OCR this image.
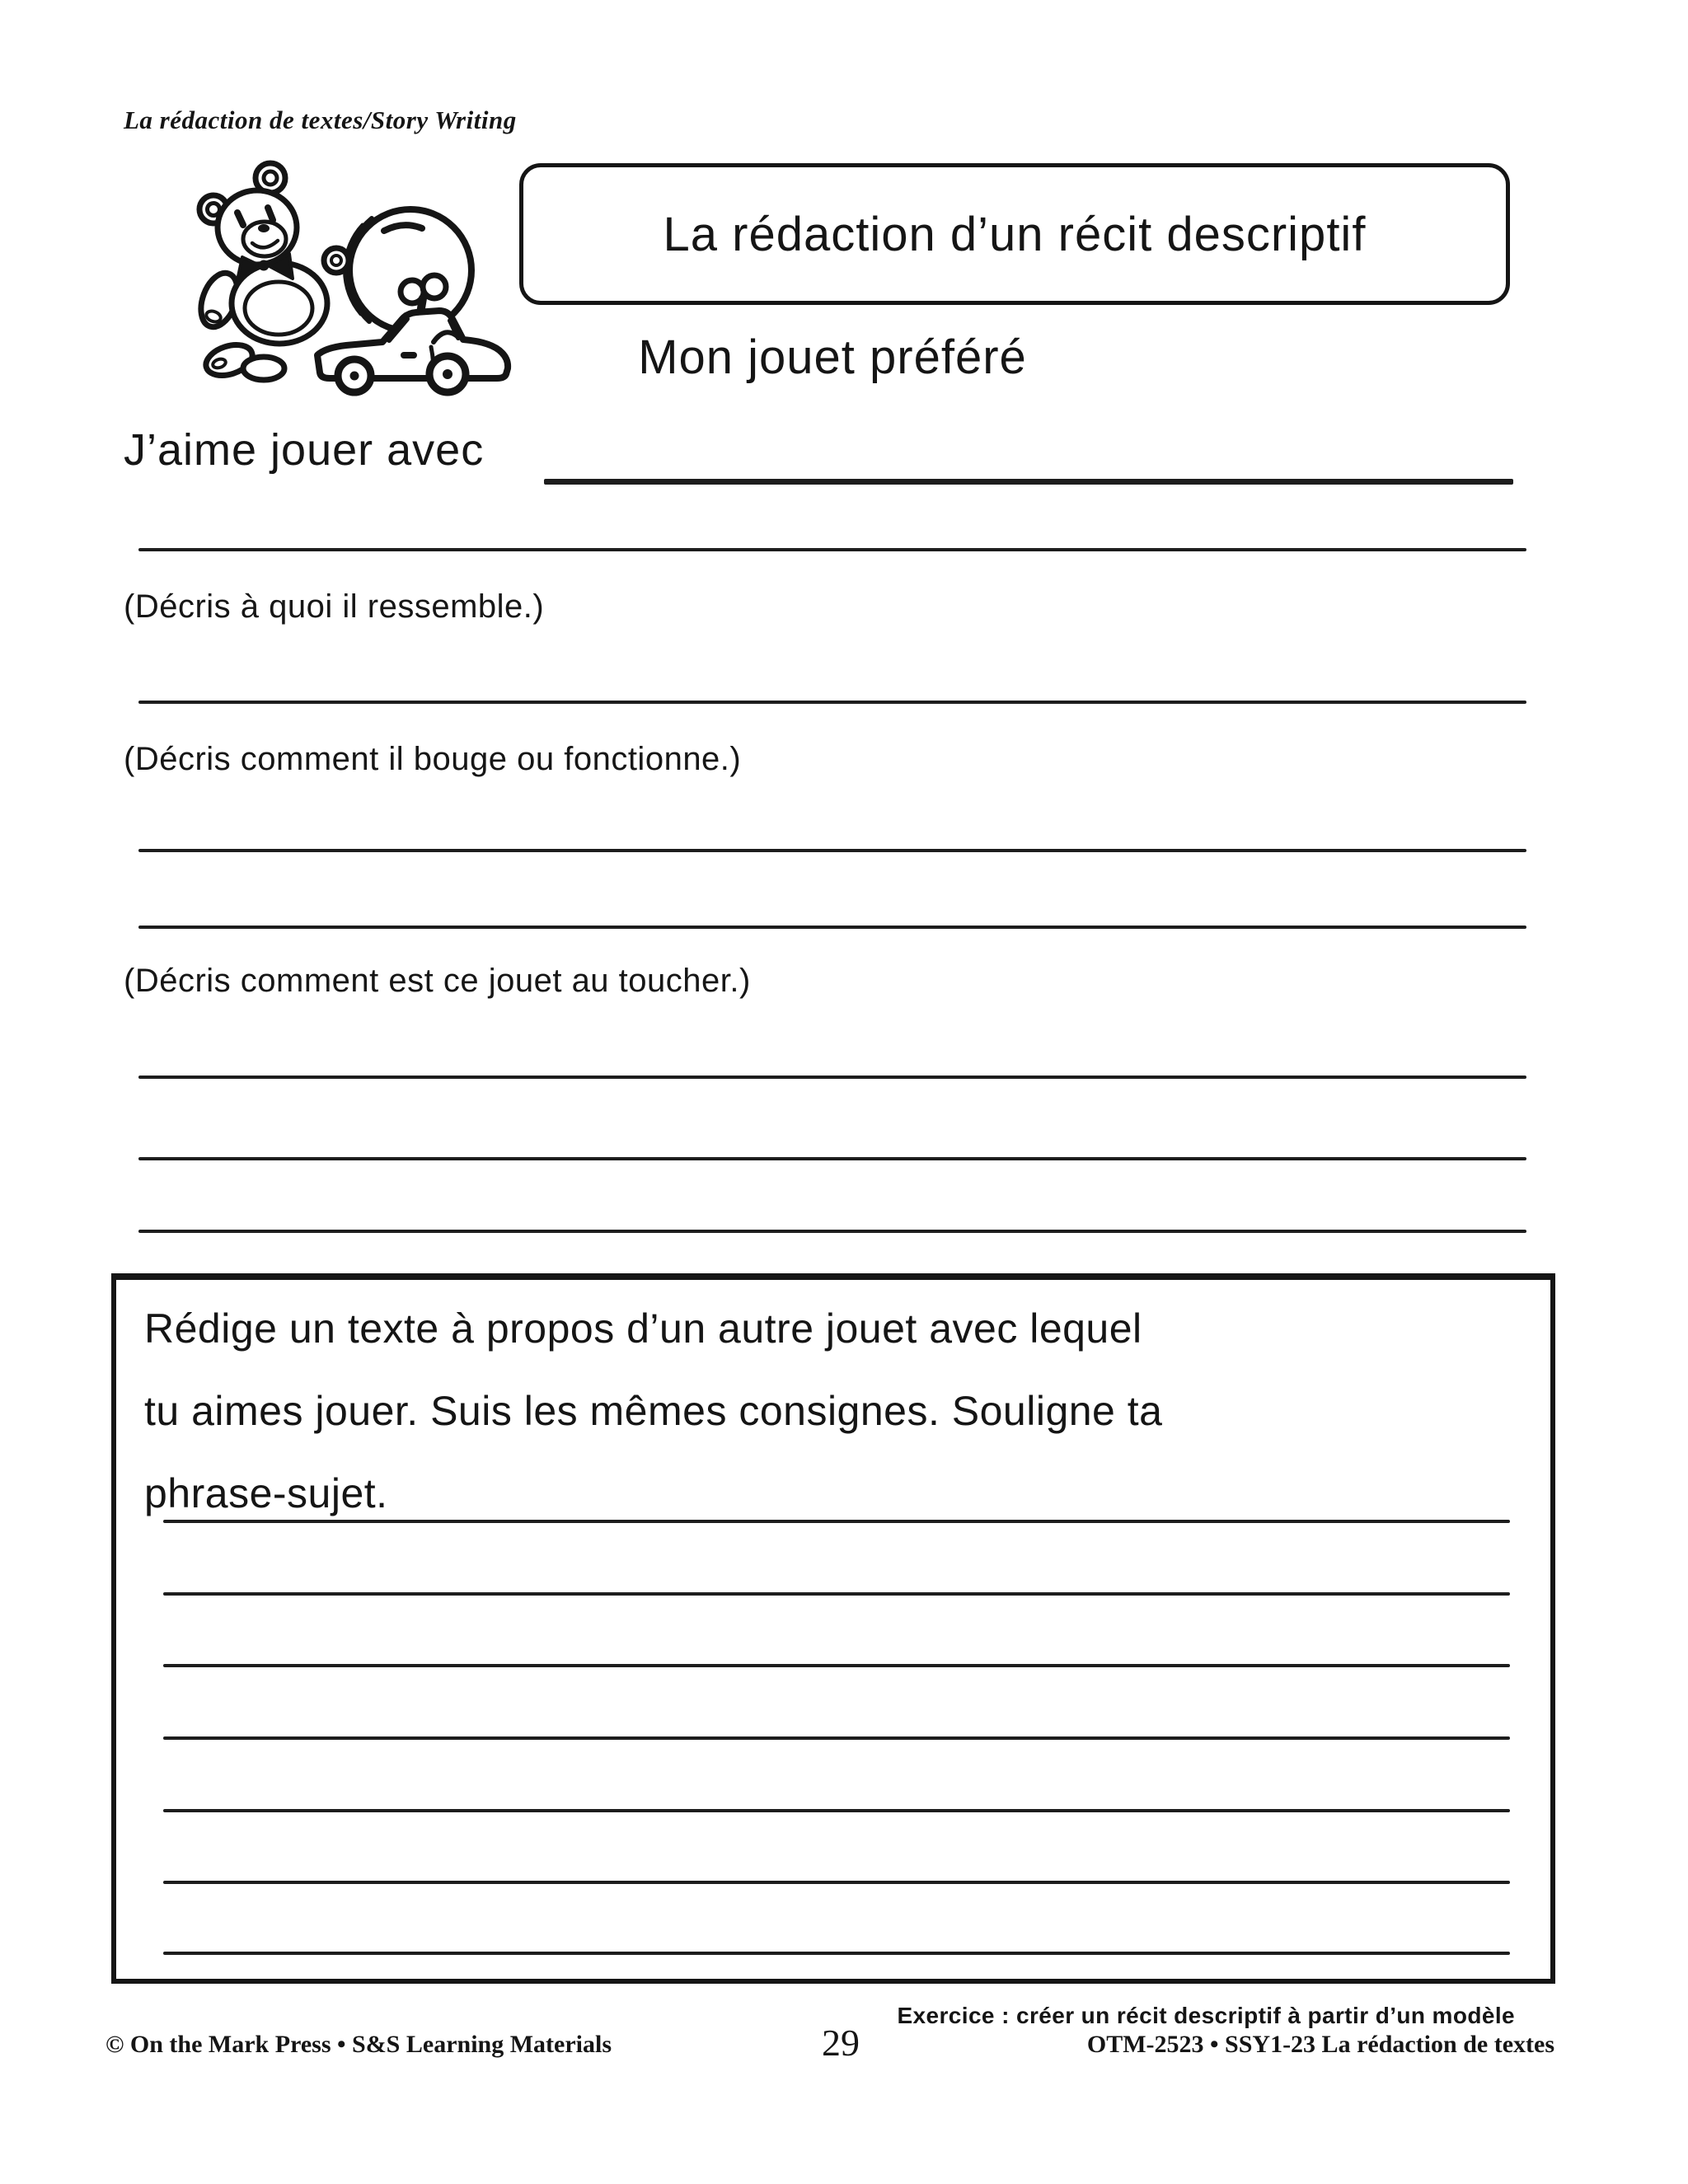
La rédaction de textes/Story Writing
La rédaction d’un récit descriptif
Mon jouet préféré
J’aime jouer avec
(Décris à quoi il ressemble.)
(Décris comment il bouge ou fonctionne.)
(Décris comment est ce jouet au toucher.)
Rédige un texte à propos d’un autre jouet avec lequel
tu aimes jouer. Suis les mêmes consignes. Souligne ta
phrase-sujet.
Exercice : créer un récit descriptif à partir d’un modèle
© On the Mark Press • S&S Learning Materials	29	OTM-2523 • SSY1-23 La rédaction de textes
